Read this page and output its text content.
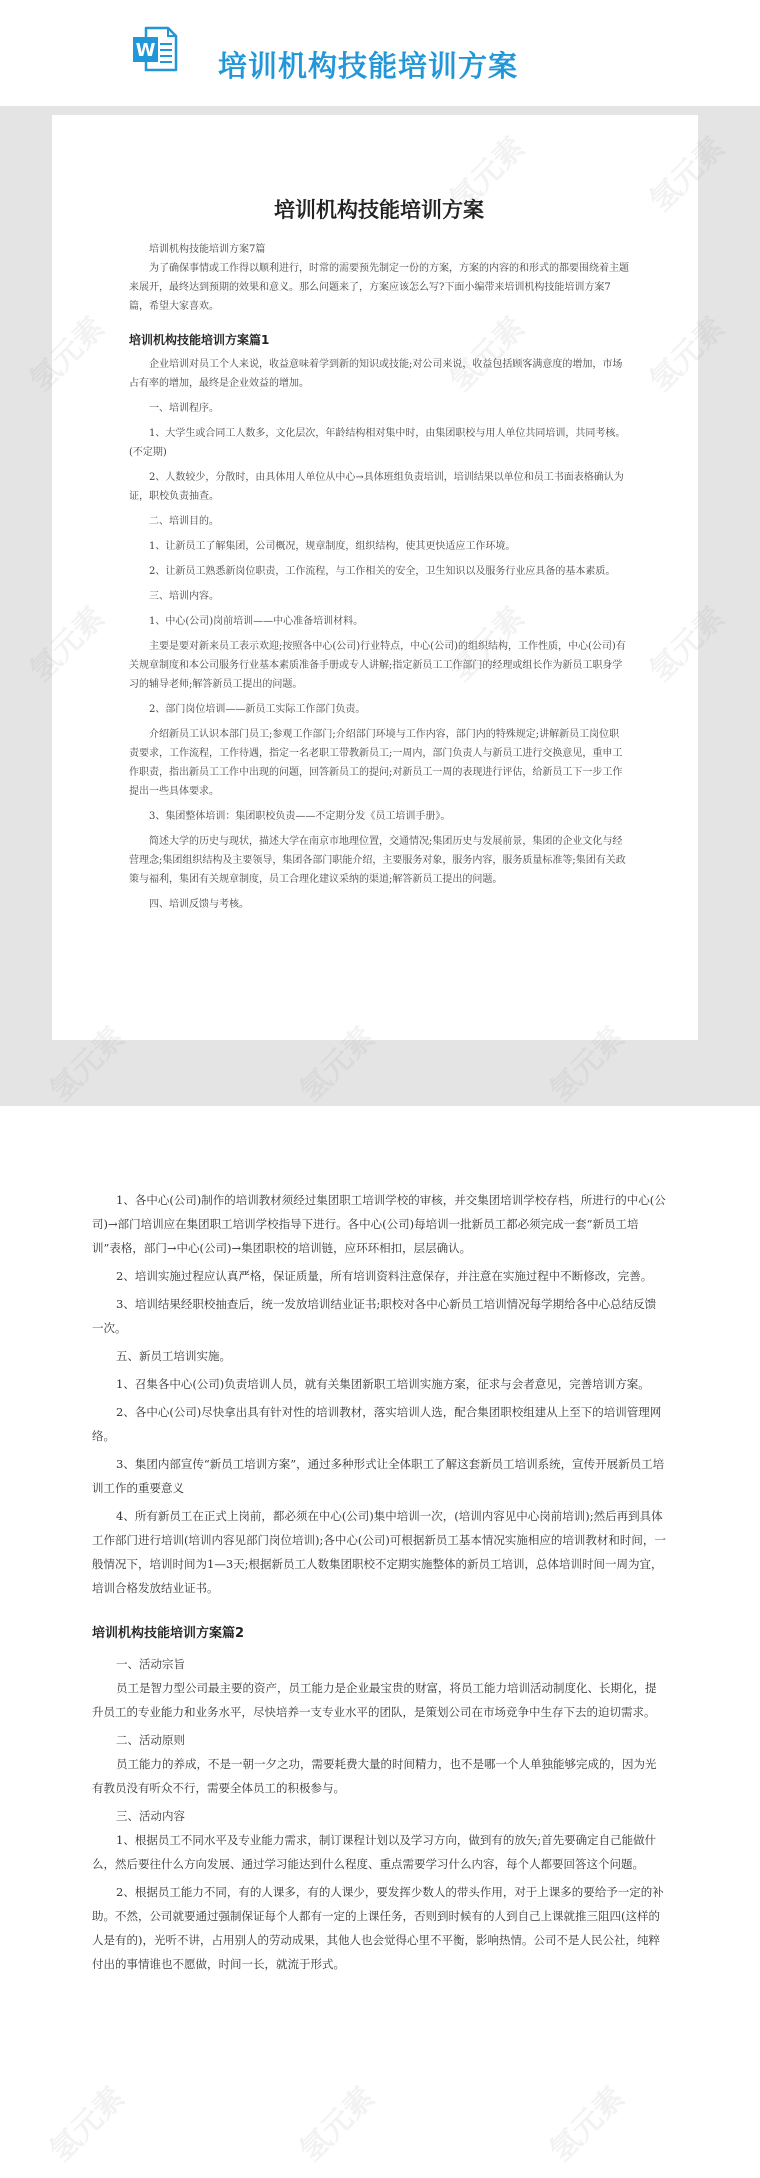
W 培训机构技能培训方案
培训机构技能培训方案

培训机构技能培训方案7篇

为了确保事情或工作得以顺利进行，时常的需要预先制定一份的方案，方案的内容的和形式的都要围绕着主题来展开，最终达到预期的效果和意义。那么问题来了，方案应该怎么写?下面小编带来培训机构技能培训方案7篇，希望大家喜欢。

培训机构技能培训方案篇1

企业培训对员工个人来说，收益意味着学到新的知识或技能;对公司来说，收益包括顾客满意度的增加，市场占有率的增加，最终是企业效益的增加。

一、培训程序。

1、大学生或合同工人数多，文化层次，年龄结构相对集中时，由集团职校与用人单位共同培训，共同考核。(不定期)

2、人数较少，分散时，由具体用人单位从中心→具体班组负责培训，培训结果以单位和员工书面表格确认为证，职校负责抽查。

二、培训目的。

1、让新员工了解集团，公司概况，规章制度，组织结构，使其更快适应工作环境。

2、让新员工熟悉新岗位职责，工作流程，与工作相关的安全，卫生知识以及服务行业应具备的基本素质。

三、培训内容。

1、中心(公司)岗前培训——中心准备培训材料。

主要是要对新来员工表示欢迎;按照各中心(公司)行业特点，中心(公司)的组织结构，工作性质，中心(公司)有关规章制度和本公司服务行业基本素质准备手册或专人讲解;指定新员工工作部门的经理或组长作为新员工职身学习的辅导老师;解答新员工提出的问题。

2、部门岗位培训——新员工实际工作部门负责。

介绍新员工认识本部门员工;参观工作部门;介绍部门环境与工作内容，部门内的特殊规定;讲解新员工岗位职责要求，工作流程，工作待遇，指定一名老职工带教新员工;一周内，部门负责人与新员工进行交换意见，重申工作职责，指出新员工工作中出现的问题，回答新员工的提问;对新员工一周的表现进行评估，给新员工下一步工作提出一些具体要求。

3、集团整体培训：集团职校负责——不定期分发《员工培训手册》。

简述大学的历史与现状，描述大学在南京市地理位置，交通情况;集团历史与发展前景，集团的企业文化与经营理念;集团组织结构及主要领导，集团各部门职能介绍，主要服务对象，服务内容，服务质量标准等;集团有关政策与福利，集团有关规章制度，员工合理化建议采纳的渠道;解答新员工提出的问题。

四、培训反馈与考核。

1、各中心(公司)制作的培训教材须经过集团职工培训学校的审核，并交集团培训学校存档，所进行的中心(公司)→部门培训应在集团职工培训学校指导下进行。各中心(公司)每培训一批新员工都必须完成一套“新员工培训”表格，部门→中心(公司)→集团职校的培训链，应环环相扣，层层确认。

2、培训实施过程应认真严格，保证质量，所有培训资料注意保存，并注意在实施过程中不断修改，完善。

3、培训结果经职校抽查后，统一发放培训结业证书;职校对各中心新员工培训情况每学期给各中心总结反馈一次。

五、新员工培训实施。

1、召集各中心(公司)负责培训人员，就有关集团新职工培训实施方案，征求与会者意见，完善培训方案。

2、各中心(公司)尽快拿出具有针对性的培训教材，落实培训人选，配合集团职校组建从上至下的培训管理网络。

3、集团内部宣传“新员工培训方案”，通过多种形式让全体职工了解这套新员工培训系统，宣传开展新员工培训工作的重要意义

4、所有新员工在正式上岗前，都必须在中心(公司)集中培训一次，(培训内容见中心岗前培训);然后再到具体工作部门进行培训(培训内容见部门岗位培训);各中心(公司)可根据新员工基本情况实施相应的培训教材和时间，一般情况下，培训时间为1—3天;根据新员工人数集团职校不定期实施整体的新员工培训，总体培训时间一周为宜，培训合格发放结业证书。

培训机构技能培训方案篇2

一、活动宗旨

员工是智力型公司最主要的资产，员工能力是企业最宝贵的财富，将员工能力培训活动制度化、长期化，提升员工的专业能力和业务水平，尽快培养一支专业水平的团队，是策划公司在市场竞争中生存下去的迫切需求。

二、活动原则

员工能力的养成，不是一朝一夕之功，需要耗费大量的时间精力，也不是哪一个人单独能够完成的，因为光有教员没有听众不行，需要全体员工的积极参与。

三、活动内容

1、根据员工不同水平及专业能力需求，制订课程计划以及学习方向，做到有的放矢;首先要确定自己能做什么，然后要往什么方向发展、通过学习能达到什么程度、重点需要学习什么内容，每个人都要回答这个问题。

2、根据员工能力不同，有的人课多，有的人课少，要发挥少数人的带头作用，对于上课多的要给予一定的补助。不然，公司就要通过强制保证每个人都有一定的上课任务，否则到时候有的人到自己上课就推三阻四(这样的人是有的)，光听不讲，占用别人的劳动成果，其他人也会觉得心里不平衡，影响热情。公司不是人民公社，纯粹付出的事情谁也不愿做，时间一长，就流于形式。

氢元素	氢元素	氢元素
